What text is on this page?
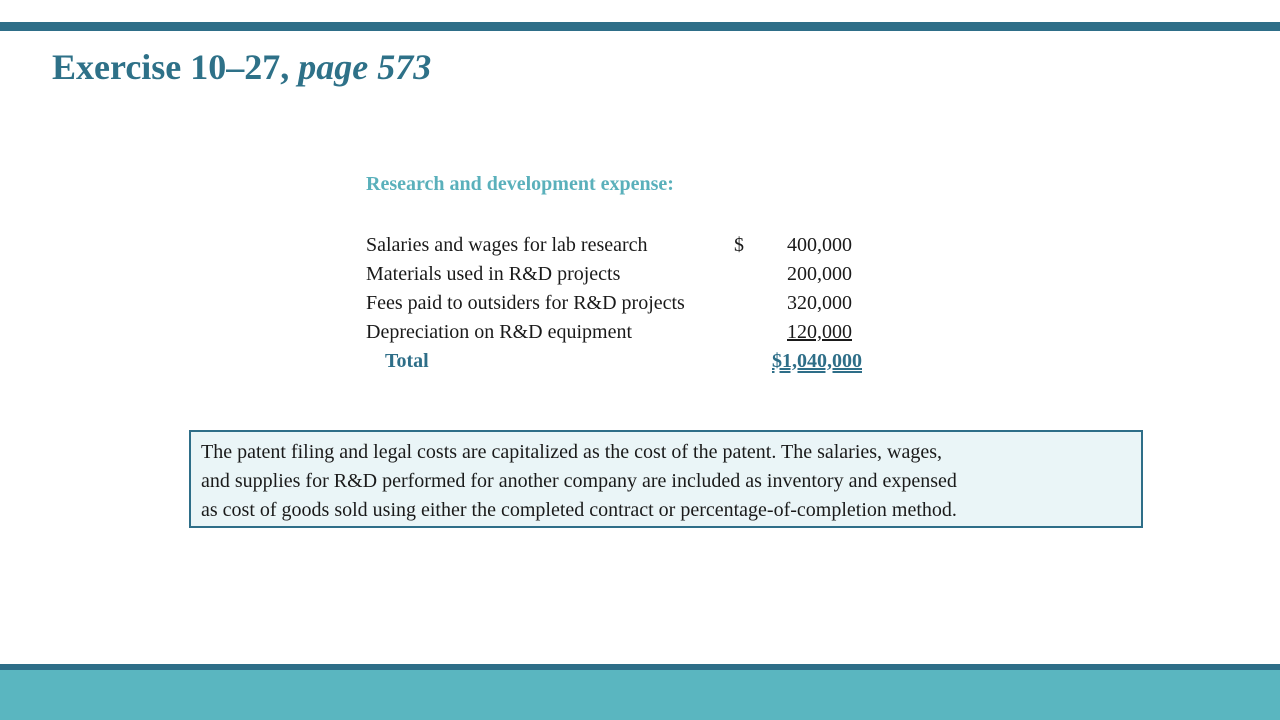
Exercise 10–27, page 573
Research and development expense:
Salaries and wages for lab research	$ 400,000
Materials used in R&D projects	200,000
Fees paid to outsiders for R&D projects	320,000
Depreciation on R&D equipment	120,000
Total	$1,040,000
The patent filing and legal costs are capitalized as the cost of the patent. The salaries, wages,
and supplies for R&D performed for another company are included as inventory and expensed
as cost of goods sold using either the completed contract or percentage-of-completion method.
